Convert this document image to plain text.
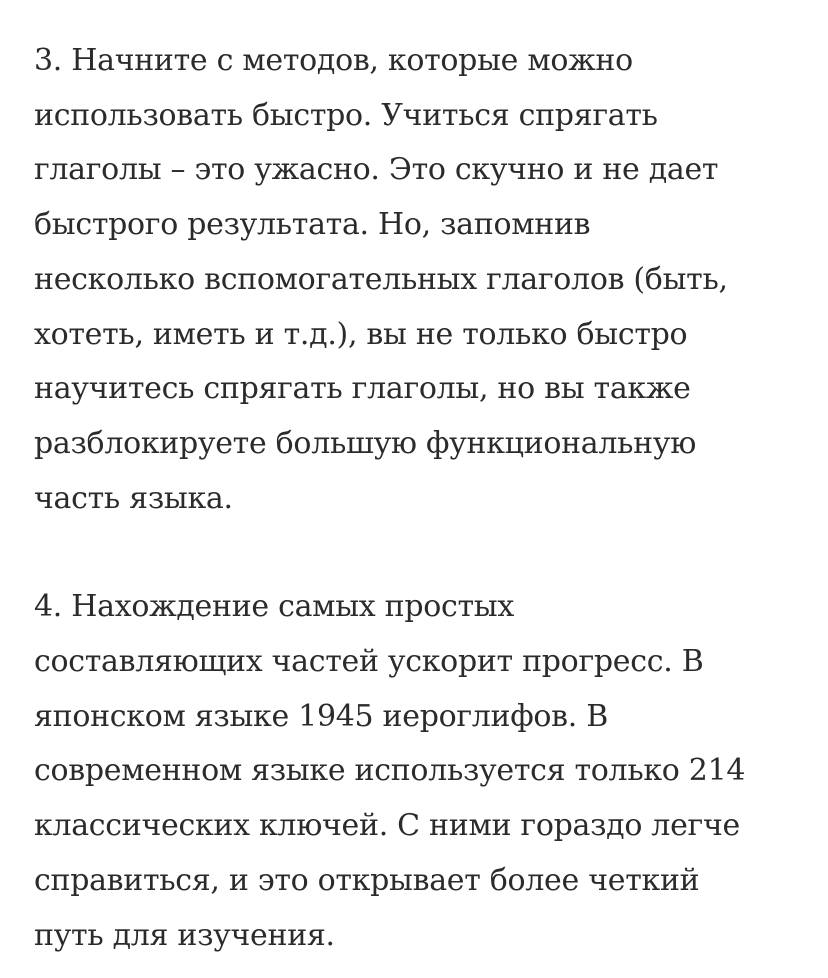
3. Начните с методов, которые можно
использовать быстро. Учиться спрягать
глаголы – это ужасно. Это скучно и не дает
быстрого результата. Но, запомнив
несколько вспомогательных глаголов (быть,
хотеть, иметь и т.д.), вы не только быстро
научитесь спрягать глаголы, но вы также
разблокируете большую функциональную
часть языка.

4. Нахождение самых простых
составляющих частей ускорит прогресс. В
японском языке 1945 иероглифов. В
современном языке используется только 214
классических ключей. С ними гораздо легче
справиться, и это открывает более четкий
путь для изучения.
